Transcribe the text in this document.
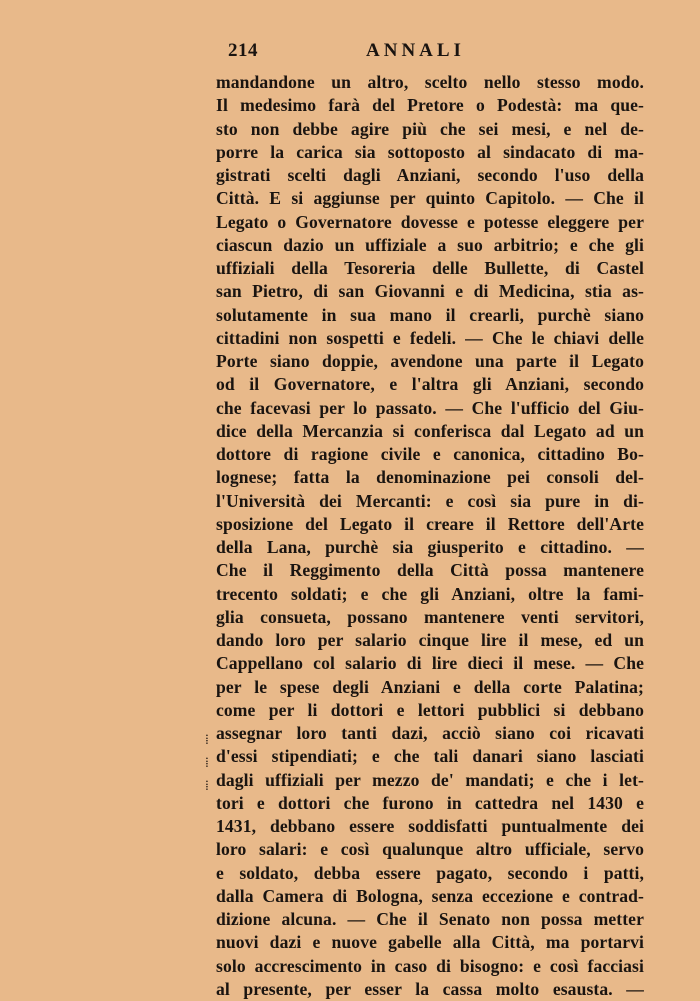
214	ANNALI
mandandone un altro, scelto nello stesso modo.
Il medesimo farà del Pretore o Podestà: ma que-
sto non debbe agire più che sei mesi, e nel de-
porre la carica sia sottoposto al sindacato di ma-
gistrati scelti dagli Anziani, secondo l'uso della
Città. E si aggiunse per quinto Capitolo. — Che il
Legato o Governatore dovesse e potesse eleggere per
ciascun dazio un uffiziale a suo arbitrio; e che gli
uffiziali della Tesoreria delle Bullette, di Castel
san Pietro, di san Giovanni e di Medicina, stia as-
solutamente in sua mano il crearli, purchè siano
cittadini non sospetti e fedeli. — Che le chiavi delle
Porte siano doppie, avendone una parte il Legato
od il Governatore, e l'altra gli Anziani, secondo
che facevasi per lo passato. — Che l'ufficio del Giu-
dice della Mercanzia si conferisca dal Legato ad un
dottore di ragione civile e canonica, cittadino Bo-
lognese; fatta la denominazione pei consoli del-
l'Università dei Mercanti: e così sia pure in di-
sposizione del Legato il creare il Rettore dell'Arte
della Lana, purchè sia giusperito e cittadino. —
Che il Reggimento della Città possa mantenere
trecento soldati; e che gli Anziani, oltre la fami-
glia consueta, possano mantenere venti servitori,
dando loro per salario cinque lire il mese, ed un
Cappellano col salario di lire dieci il mese. — Che
per le spese degli Anziani e della corte Palatina;
come per li dottori e lettori pubblici si debbano
assegnar loro tanti dazi, acciò siano coi ricavati
d'essi stipendiati; e che tali danari siano lasciati
dagli uffiziali per mezzo de' mandati; e che i let-
tori e dottori che furono in cattedra nel 1430 e
1431, debbano essere soddisfatti puntualmente dei
loro salari: e così qualunque altro ufficiale, servo
e soldato, debba essere pagato, secondo i patti,
dalla Camera di Bologna, senza eccezione e contrad-
dizione alcuna. — Che il Senato non possa metter
nuovi dazi e nuove gabelle alla Città, ma portarvi
solo accrescimento in caso di bisogno: e così facciasi
al presente, per esser la cassa molto esausta. —
⁞
⁞
⁞
